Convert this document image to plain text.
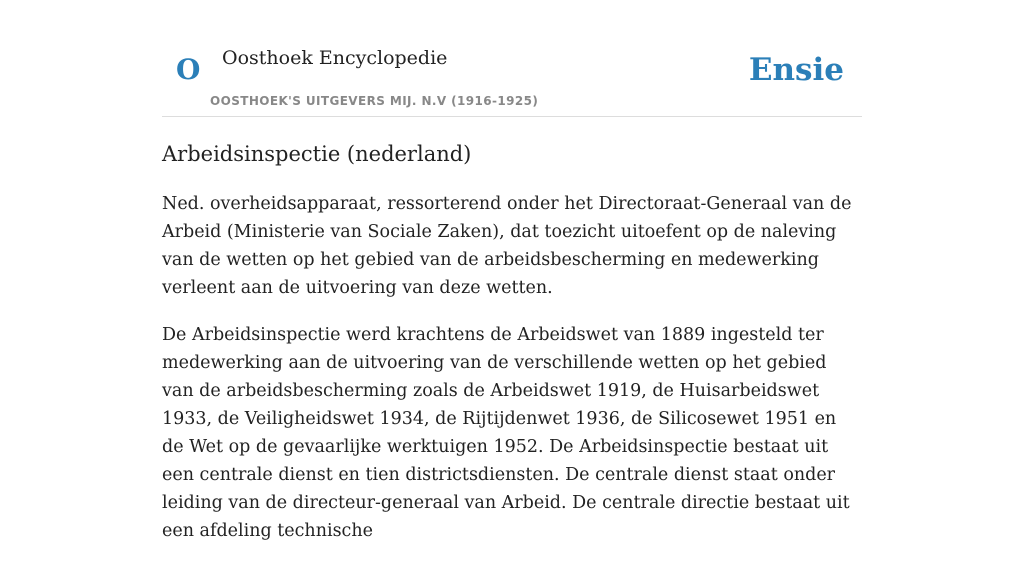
O Oosthoek Encyclopedie
OOSTHOEK'S UITGEVERS MIJ. N.V (1916-1925)
Ensie
Arbeidsinspectie (nederland)

Ned. overheidsapparaat, ressorterend onder het Directoraat-Generaal van de Arbeid (Ministerie van Sociale Zaken), dat toezicht uitoefent op de naleving van de wetten op het gebied van de arbeidsbescherming en medewerking verleent aan de uitvoering van deze wetten.

De Arbeidsinspectie werd krachtens de Arbeidswet van 1889 ingesteld ter medewerking aan de uitvoering van de verschillende wetten op het gebied van de arbeidsbescherming zoals de Arbeidswet 1919, de Huisarbeidswet 1933, de Veiligheidswet 1934, de Rijtijdenwet 1936, de Silicosewet 1951 en de Wet op de gevaarlijke werktuigen 1952. De Arbeidsinspectie bestaat uit een centrale dienst en tien districtsdiensten. De centrale dienst staat onder leiding van de directeur-generaal van Arbeid. De centrale directie bestaat uit een afdeling technische
